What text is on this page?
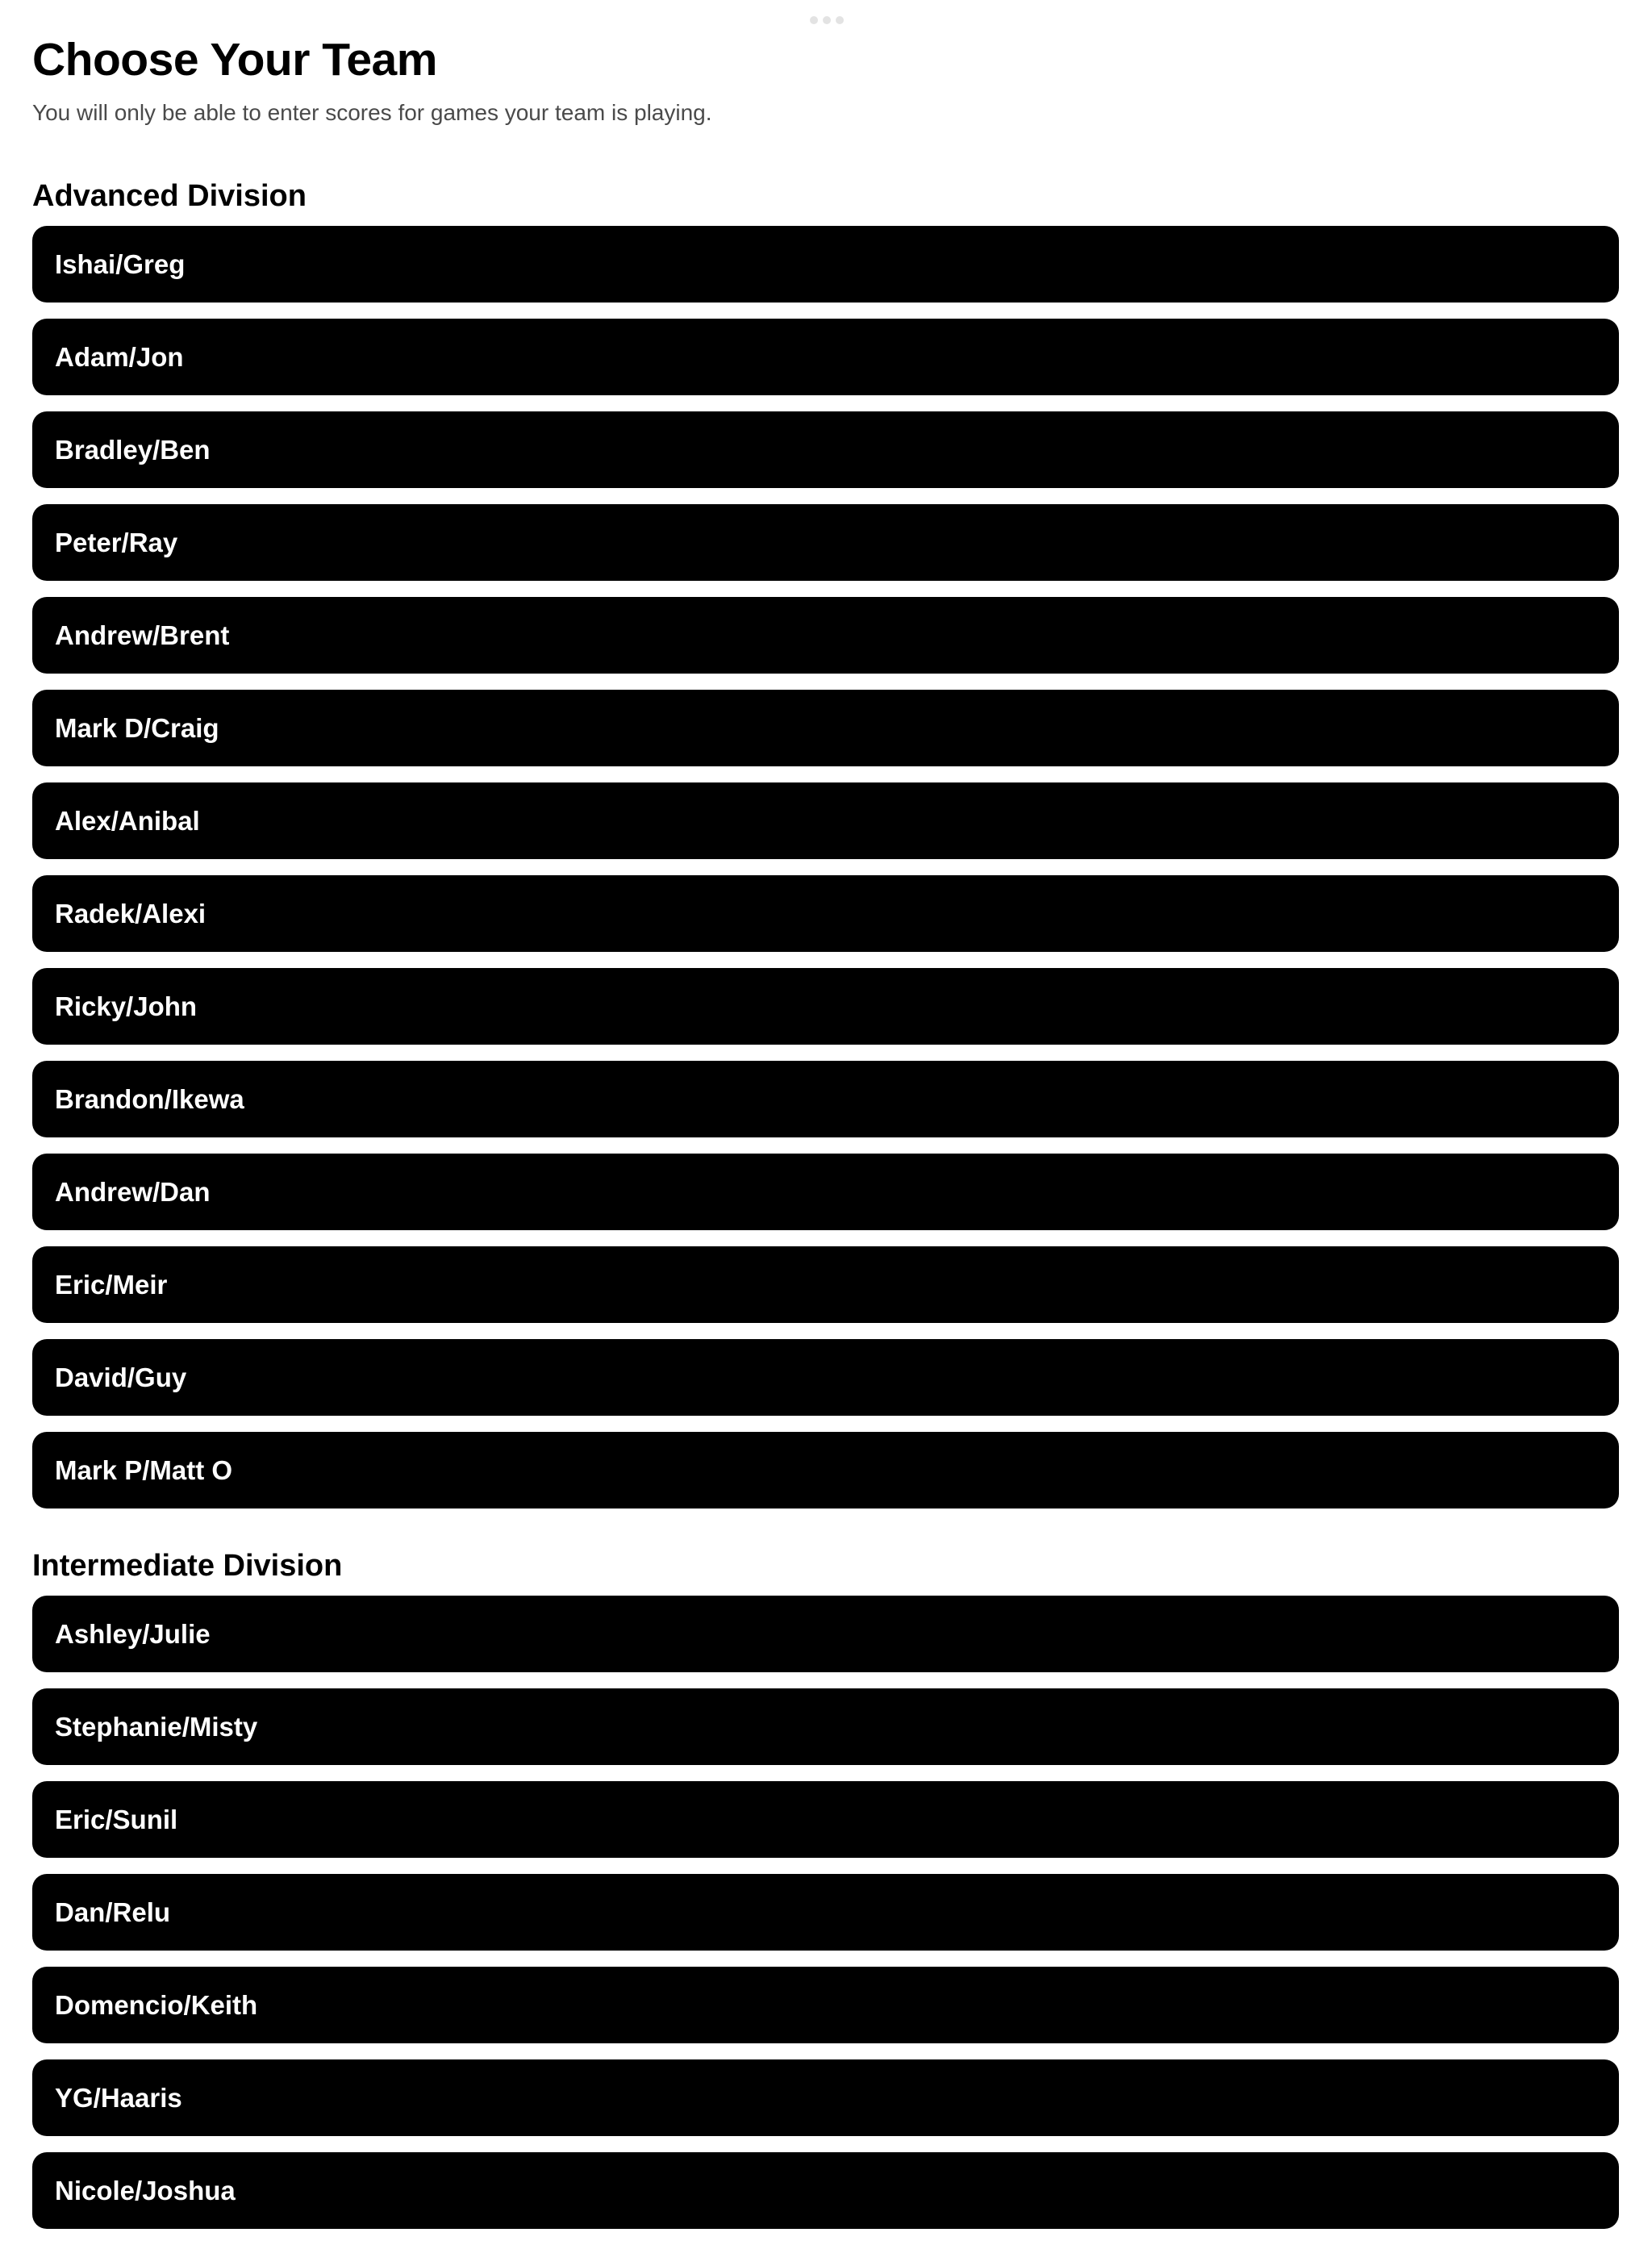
Choose Your Team

You will only be able to enter scores for games your team is playing.

Advanced Division
Ishai/Greg
Adam/Jon
Bradley/Ben
Peter/Ray
Andrew/Brent
Mark D/Craig
Alex/Anibal
Radek/Alexi
Ricky/John
Brandon/Ikewa
Andrew/Dan
Eric/Meir
David/Guy
Mark P/Matt O
Intermediate Division
Ashley/Julie
Stephanie/Misty
Eric/Sunil
Dan/Relu
Domencio/Keith
YG/Haaris
Nicole/Joshua
